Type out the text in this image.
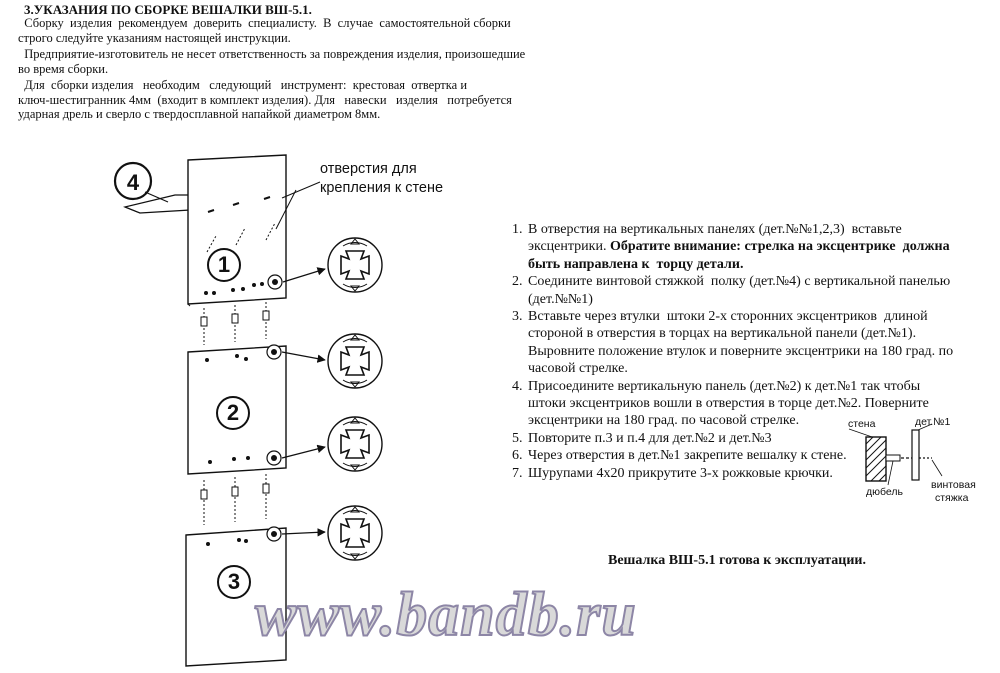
3.УКАЗАНИЯ ПО СБОРКЕ ВЕШАЛКИ ВШ-5.1.
Сборку  изделия  рекомендуем  доверить  специалисту.  В  случае  самостоятельной сборки
строго следуйте указаниям настоящей инструкции.
Предприятие-изготовитель не несет ответственность за повреждения изделия, произошедшие
во время сборки.
Для  сборки изделия   необходим   следующий   инструмент:  крестовая  отвертка и
ключ-шестигранник 4мм  (входит в комплект изделия). Для   навески   изделия   потребуется
ударная дрель и сверло с твердосплавной напайкой диаметром 8мм.
отверстия для
крепления к стене
4
1
2
3
стена	дет.№1
дюбель
винтовая
стяжка
1. В отверстия на вертикальных панелях (дет.№№1,2,3)  вставьте
эксцентрики. Обратите внимание: стрелка на эксцентрике  должна
быть направлена к  торцу детали.
2. Соедините винтовой стяжкой  полку (дет.№4) с вертикальной панелью
(дет.№№1)
3. Вставьте через втулки  штоки 2-х сторонних эксцентриков  длиной
стороной в отверстия в торцах на вертикальной панели (дет.№1).
Выровните положение втулок и поверните эксцентрики на 180 град. по
часовой стрелке.
4. Присоедините вертикальную панель (дет.№2) к дет.№1 так чтобы
штоки эксцентриков вошли в отверстия в торце дет.№2. Поверните
эксцентрики на 180 град. по часовой стрелке.
5. Повторите п.3 и п.4 для дет.№2 и дет.№3
6. Через отверстия в дет.№1 закрепите вешалку к стене.
7. Шурупами 4х20 прикрутите 3-х рожковые крючки.
Вешалка ВШ-5.1 готова к эксплуатации.
www.bandb.ru
